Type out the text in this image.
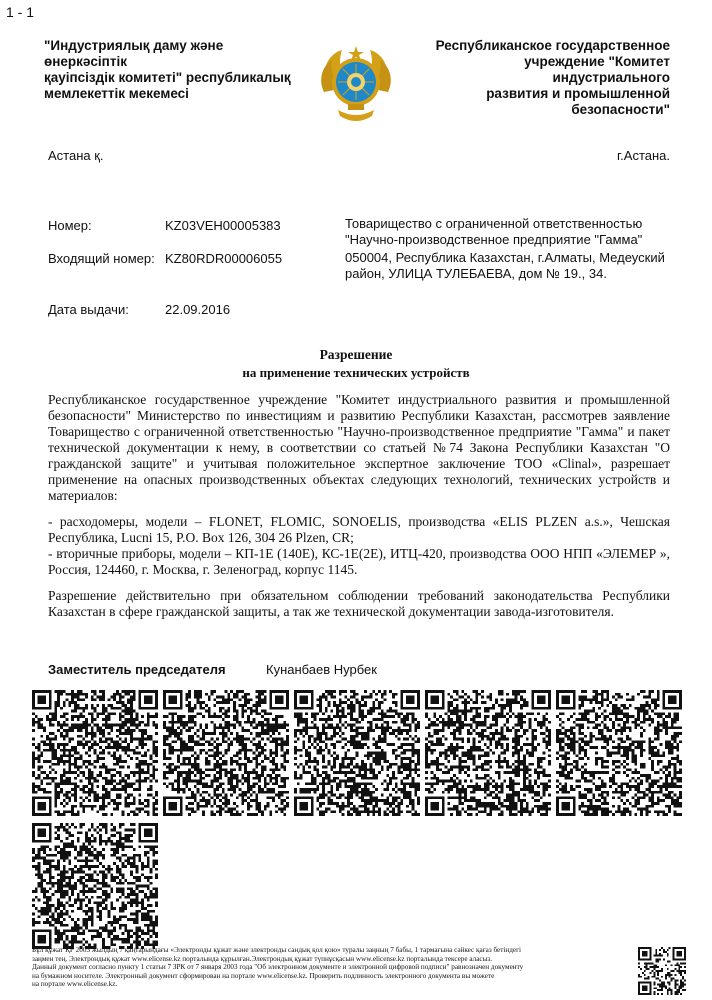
1 - 1
"Индустриялық даму және өнеркәсіптік
қауіпсіздік комитеті" республикалық
мемлекеттік мекемесі
Республиканское государственное
учреждение "Комитет индустриального
развития и промышленной
безопасности"
Астана қ.	г.Астана.
Номер:	KZ03VEH00005383
Входящий номер: KZ80RDR00006055
Дата выдачи:	22.09.2016

Товарищество с ограниченной ответственностью

"Научно-производственное предприятие "Гамма"

050004, Республика Казахстан, г.Алматы, Медеуский

район, УЛИЦА ТУЛЕБАЕВА, дом № 19., 34.

Разрешение
на применение технических устройств

Республиканское государственное учреждение "Комитет индустриального развития и промышленной безопасности" Министерство по инвестициям и развитию Республики Казахстан, рассмотрев заявление Товарищество с ограниченной ответственностью "Научно-производственное предприятие "Гамма" и пакет технической документации к нему, в соответствии со статьей №74 Закона Республики Казахстан "О гражданской защите" и учитывая положительное экспертное заключение ТОО «Clinal», разрешает применение на опасных производственных объектах следующих технологий, технических устройств и материалов:

- расходомеры, модели – FLONET, FLOMIC, SONOELIS, производства «ELIS PLZEN a.s.», Чешская Республика, Lucni 15, P.O. Box 126, 304 26 Plzen, CR;

- вторичные приборы, модели – КП-1Е (140Е), КС-1Е(2Е), ИТЦ-420, производства ООО НПП «ЭЛЕМЕР », Россия, 124460, г. Москва, г. Зеленоград, корпус 1145.

Разрешение действительно при обязательном соблюдении требований законодательства Республики Казахстан в сфере гражданской защиты, а так же технической документации завода-изготовителя.

Заместитель председателя	Кунанбаев Нурбек

Бұл құжат ҚР 2003 жылдың 7 қаңтарындағы «Электронды құжат және электронды сандық қол қою» туралы заңның 7 бабы, 1 тармағына сәйкес қағаз бетіндегі

заңмен тең. Электрондық құжат www.elicense.kz порталында құрылған.Электрондық құжат түпнұсқасын www.elicense.kz порталында тексере аласыз.

Данный документ согласно пункту 1 статьи 7 ЗРК от 7 января 2003 года "Об электронном документе и электронной цифровой подписи" равнозначен документу

на бумажном носителе. Электронный документ сформирован на портале www.elicense.kz. Проверить подлинность электронного документа вы можете

на портале www.elicense.kz.
